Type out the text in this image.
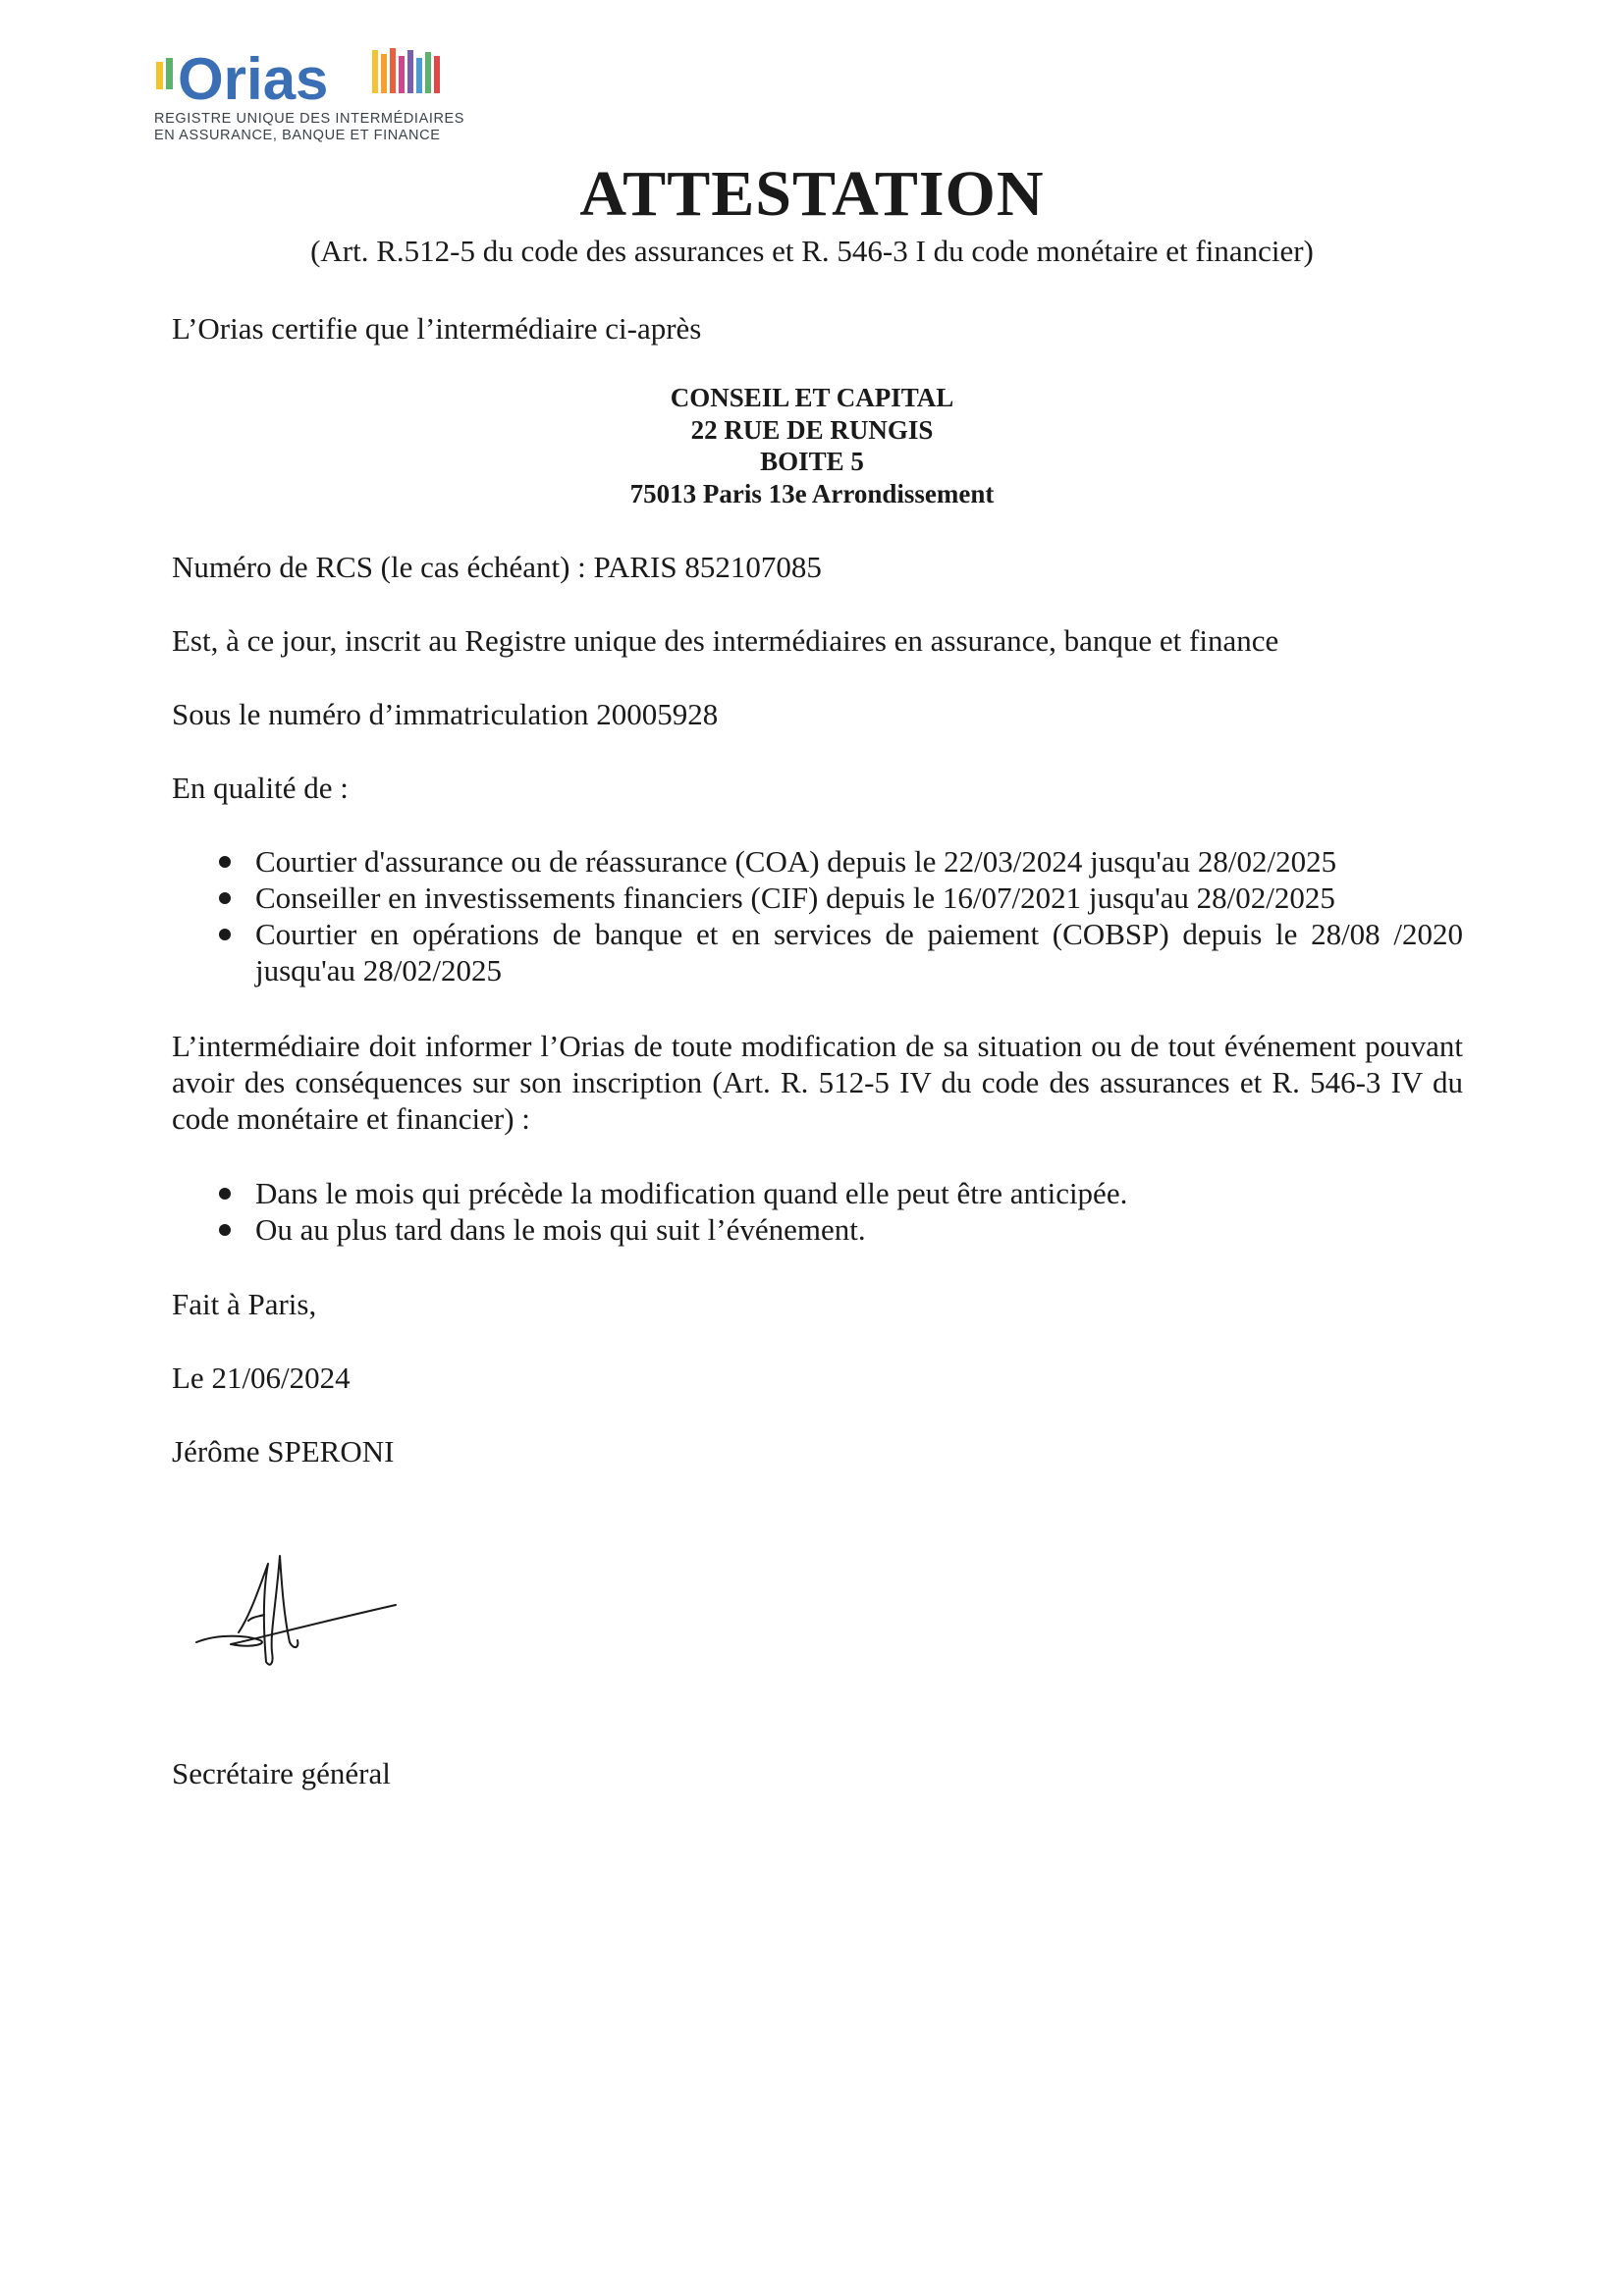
Orias
REGISTRE UNIQUE DES INTERMÉDIAIRES
EN ASSURANCE, BANQUE ET FINANCE
ATTESTATION
(Art. R.512-5 du code des assurances et R. 546-3 I du code monétaire et financier)
L’Orias certifie que l’intermédiaire ci-après
CONSEIL ET CAPITAL
22 RUE DE RUNGIS
BOITE 5
75013 Paris 13e Arrondissement
Numéro de RCS (le cas échéant) : PARIS 852107085
Est, à ce jour, inscrit au Registre unique des intermédiaires en assurance, banque et finance
Sous le numéro d’immatriculation 20005928
En qualité de :
Courtier d'assurance ou de réassurance (COA) depuis le 22/03/2024 jusqu'au 28/02/2025
Conseiller en investissements financiers (CIF) depuis le 16/07/2021 jusqu'au 28/02/2025
Courtier en opérations de banque et en services de paiement (COBSP) depuis le 28/08 /2020 jusqu'au 28/02/2025
L’intermédiaire doit informer l’Orias de toute modification de sa situation ou de tout événement pouvant avoir des conséquences sur son inscription (Art. R. 512-5 IV du code des assurances et R. 546-3 IV du code monétaire et financier) :
Dans le mois qui précède la modification quand elle peut être anticipée.
Ou au plus tard dans le mois qui suit l’événement.
Fait à Paris,
Le 21/06/2024
Jérôme SPERONI
Secrétaire général
